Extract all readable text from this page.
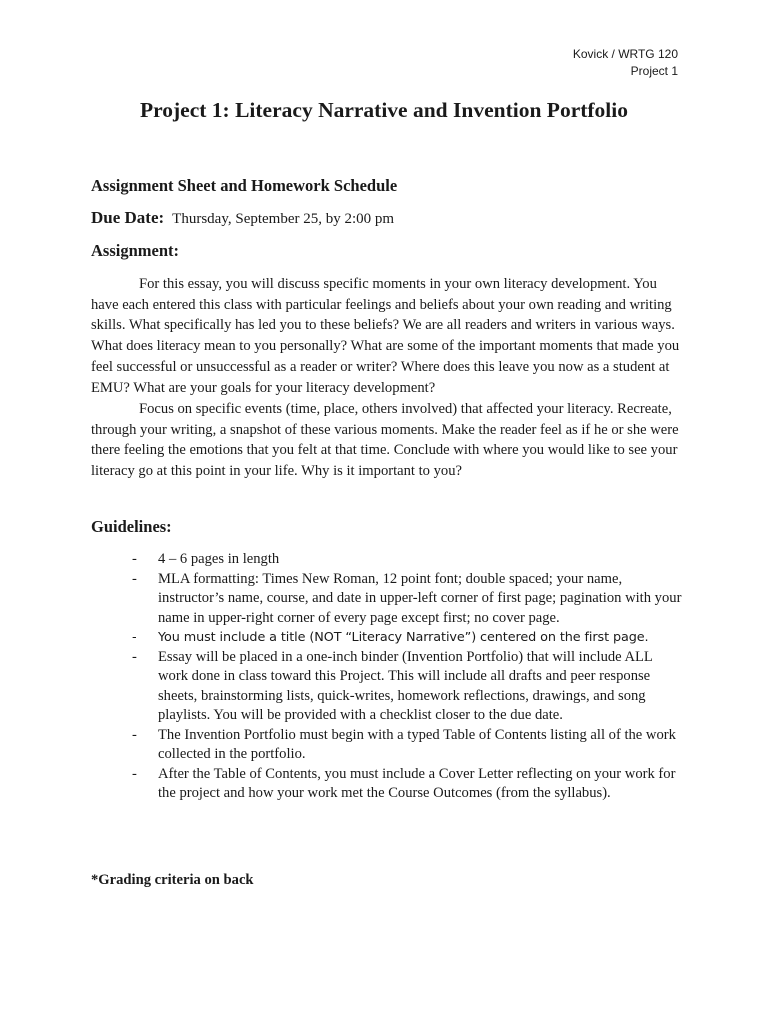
Kovick / WRTG 120
Project 1
Project 1: Literacy Narrative and Invention Portfolio
Assignment Sheet and Homework Schedule

Due Date: Thursday, September 25, by 2:00 pm

Assignment:

For this essay, you will discuss specific moments in your own literacy development. You have each entered this class with particular feelings and beliefs about your own reading and writing skills. What specifically has led you to these beliefs? We are all readers and writers in various ways. What does literacy mean to you personally? What are some of the important moments that made you feel successful or unsuccessful as a reader or writer? Where does this leave you now as a student at EMU? What are your goals for your literacy development?

Focus on specific events (time, place, others involved) that affected your literacy. Recreate, through your writing, a snapshot of these various moments. Make the reader feel as if he or she were there feeling the emotions that you felt at that time. Conclude with where you would like to see your literacy go at this point in your life. Why is it important to you?

Guidelines:
- 4 – 6 pages in length
- MLA formatting: Times New Roman, 12 point font; double spaced; your name, instructor’s name, course, and date in upper-left corner of first page; pagination with your name in upper-right corner of every page except first; no cover page.
- You must include a title (NOT “Literacy Narrative”) centered on the first page.
- Essay will be placed in a one-inch binder (Invention Portfolio) that will include ALL work done in class toward this Project. This will include all drafts and peer response sheets, brainstorming lists, quick-writes, homework reflections, drawings, and song playlists. You will be provided with a checklist closer to the due date.
- The Invention Portfolio must begin with a typed Table of Contents listing all of the work collected in the portfolio.
- After the Table of Contents, you must include a Cover Letter reflecting on your work for the project and how your work met the Course Outcomes (from the syllabus).

*Grading criteria on back
